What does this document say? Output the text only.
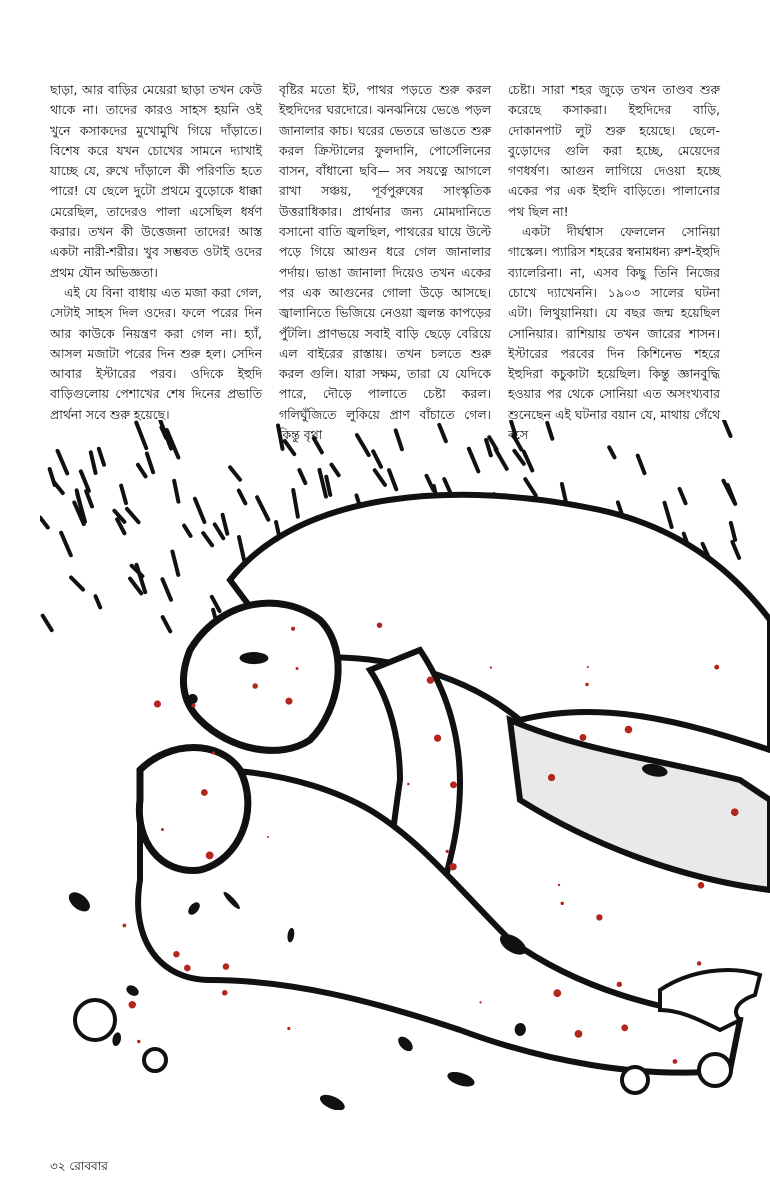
ছাড়া, আর বাড়ির মেয়েরা ছাড়া তখন কেউ থাকে না। তাদের কারও সাহস হয়নি ওই খুনে কসাকদের মুখোমুখি গিয়ে দাঁড়াতে। বিশেষ করে যখন চোখের সামনে দ্যাখাই যাচ্ছে যে, রুখে দাঁড়ালে কী পরিণতি হতে পারে! যে ছেলে দুটো প্রথমে বুড়োকে ধাক্কা মেরেছিল, তাদেরও পালা এসেছিল ধর্ষণ করার। তখন কী উত্তেজনা তাদের! আস্ত একটা নারী-শরীর। খুব সম্ভবত ওটাই ওদের প্রথম যৌন অভিজ্ঞতা।

এই যে বিনা বাধায় এত মজা করা গেল, সেটাই সাহস দিল ওদের। ফলে পরের দিন আর কাউকে নিয়ন্ত্রণ করা গেল না। হ্যাঁ, আসল মজাটা পরের দিন শুরু হল। সেদিন আবার ইস্টারের পরব। ওদিকে ইহুদি বাড়িগুলোয় পেশাখের শেষ দিনের প্রভাতি প্রার্থনা সবে শুরু হয়েছে।

বৃষ্টির মতো ইট, পাথর পড়তে শুরু করল ইহুদিদের ঘরদোরে। ঝনঝনিয়ে ভেঙে পড়ল জানালার কাচ। ঘরের ভেতরে ভাঙতে শুরু করল ক্রিস্টালের ফুলদানি, পোর্সেলিনের বাসন, বাঁধানো ছবি— সব সযত্নে আগলে রাখা সঞ্চয়, পূর্বপুরুষের সাংস্কৃতিক উত্তরাধিকার। প্রার্থনার জন্য মোমদানিতে বসানো বাতি জ্বলছিল, পাথরের ঘায়ে উল্টে পড়ে গিয়ে আগুন ধরে গেল জানালার পর্দায়। ভাঙা জানালা দিয়েও তখন একের পর এক আগুনের গোলা উড়ে আসছে। জ্বালানিতে ভিজিয়ে নেওয়া জ্বলন্ত কাপড়ের পুঁটলি। প্রাণভয়ে সবাই বাড়ি ছেড়ে বেরিয়ে এল বাইরের রাস্তায়। তখন চলতে শুরু করল গুলি। যারা সক্ষম, তারা যে যেদিকে পারে, দৌড়ে পালাতে চেষ্টা করল। গলিঘুঁজিতে লুকিয়ে প্রাণ বাঁচাতে গেল। কিন্তু বৃথা

চেষ্টা। সারা শহর জুড়ে তখন তাণ্ডব শুরু করেছে কসাকরা। ইহুদিদের বাড়ি, দোকানপাট লুট শুরু হয়েছে। ছেলে-বুড়োদের গুলি করা হচ্ছে, মেয়েদের গণধর্ষণ। আগুন লাগিয়ে দেওয়া হচ্ছে একের পর এক ইহুদি বাড়িতে। পালানোর পথ ছিল না!

একটা দীর্ঘশ্বাস ফেললেন সোনিয়া গাস্কেল। প্যারিস শহরের স্বনামধন্য রুশ-ইহুদি ব্যালেরিনা। না, এসব কিছু তিনি নিজের চোখে দ্যাখেননি। ১৯০৩ সালের ঘটনা এটা। লিথুয়ানিয়া। যে বছর জন্ম হয়েছিল সোনিয়ার। রাশিয়ায় তখন জারের শাসন। ইস্টারের পরবের দিন কিশিনেভ শহরে ইহুদিরা কচুকাটা হয়েছিল। কিন্তু জ্ঞানবুদ্ধি হওয়ার পর থেকে সোনিয়া এত অসংখ্যবার শুনেছেন এই ঘটনার বয়ান যে, মাথায় গেঁথে বসে

৩২ রোববার
